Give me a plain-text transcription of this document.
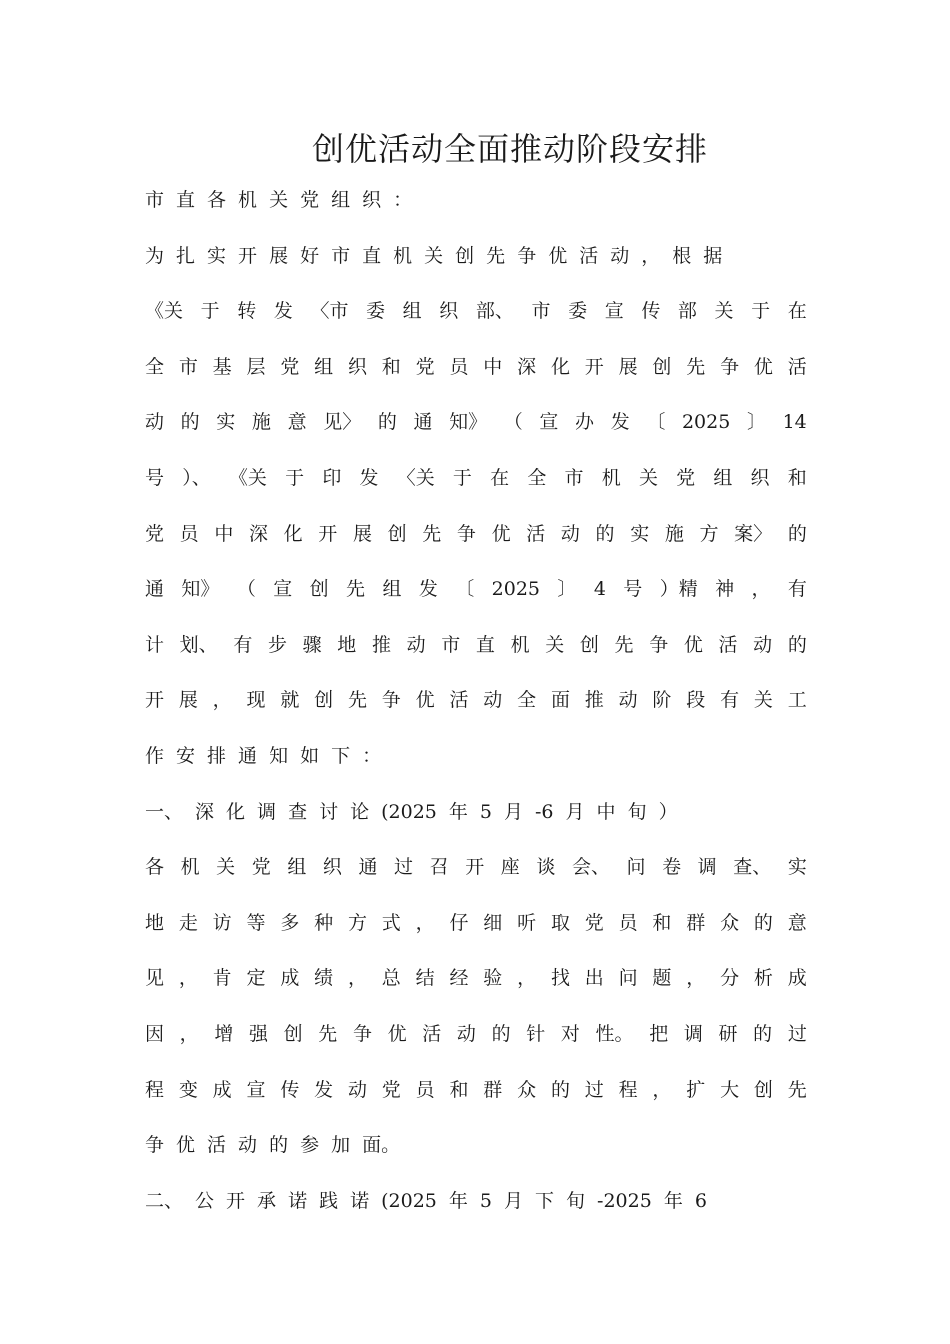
创优活动全面推动阶段安排
市 直 各 机 关 党 组 织 ：
为 扎 实 开 展 好 市 直 机 关 创 先 争 优 活 动 ， 根 据
《关 于 转 发 〈市 委 组 织 部、 市 委 宣 传 部 关 于 在
全 市 基 层 党 组 织 和 党 员 中 深 化 开 展 创 先 争 优 活
动 的 实 施 意 见〉 的 通 知》 （ 宣 办 发 〔 2025 〕 14
号 ）、 《关 于 印 发 〈关 于 在 全 市 机 关 党 组 织 和
党 员 中 深 化 开 展 创 先 争 优 活 动 的 实 施 方 案〉 的
通 知》 （ 宣 创 先 组 发 〔 2025 〕 4 号 ）精 神 ， 有
计 划、 有 步 骤 地 推 动 市 直 机 关 创 先 争 优 活 动 的
开 展 ， 现 就 创 先 争 优 活 动 全 面 推 动 阶 段 有 关 工
作 安 排 通 知 如 下 ：
一、 深 化 调 查 讨 论 (2025 年 5 月 -6 月 中 旬 ）
各 机 关 党 组 织 通 过 召 开 座 谈 会、 问 卷 调 查、 实
地 走 访 等 多 种 方 式 ， 仔 细 听 取 党 员 和 群 众 的 意
见 ， 肯 定 成 绩 ， 总 结 经 验 ， 找 出 问 题 ， 分 析 成
因 ， 增 强 创 先 争 优 活 动 的 针 对 性。 把 调 研 的 过
程 变 成 宣 传 发 动 党 员 和 群 众 的 过 程 ， 扩 大 创 先
争 优 活 动 的 参 加 面。
二、 公 开 承 诺 践 诺 (2025 年 5 月 下 旬 -2025 年 6
